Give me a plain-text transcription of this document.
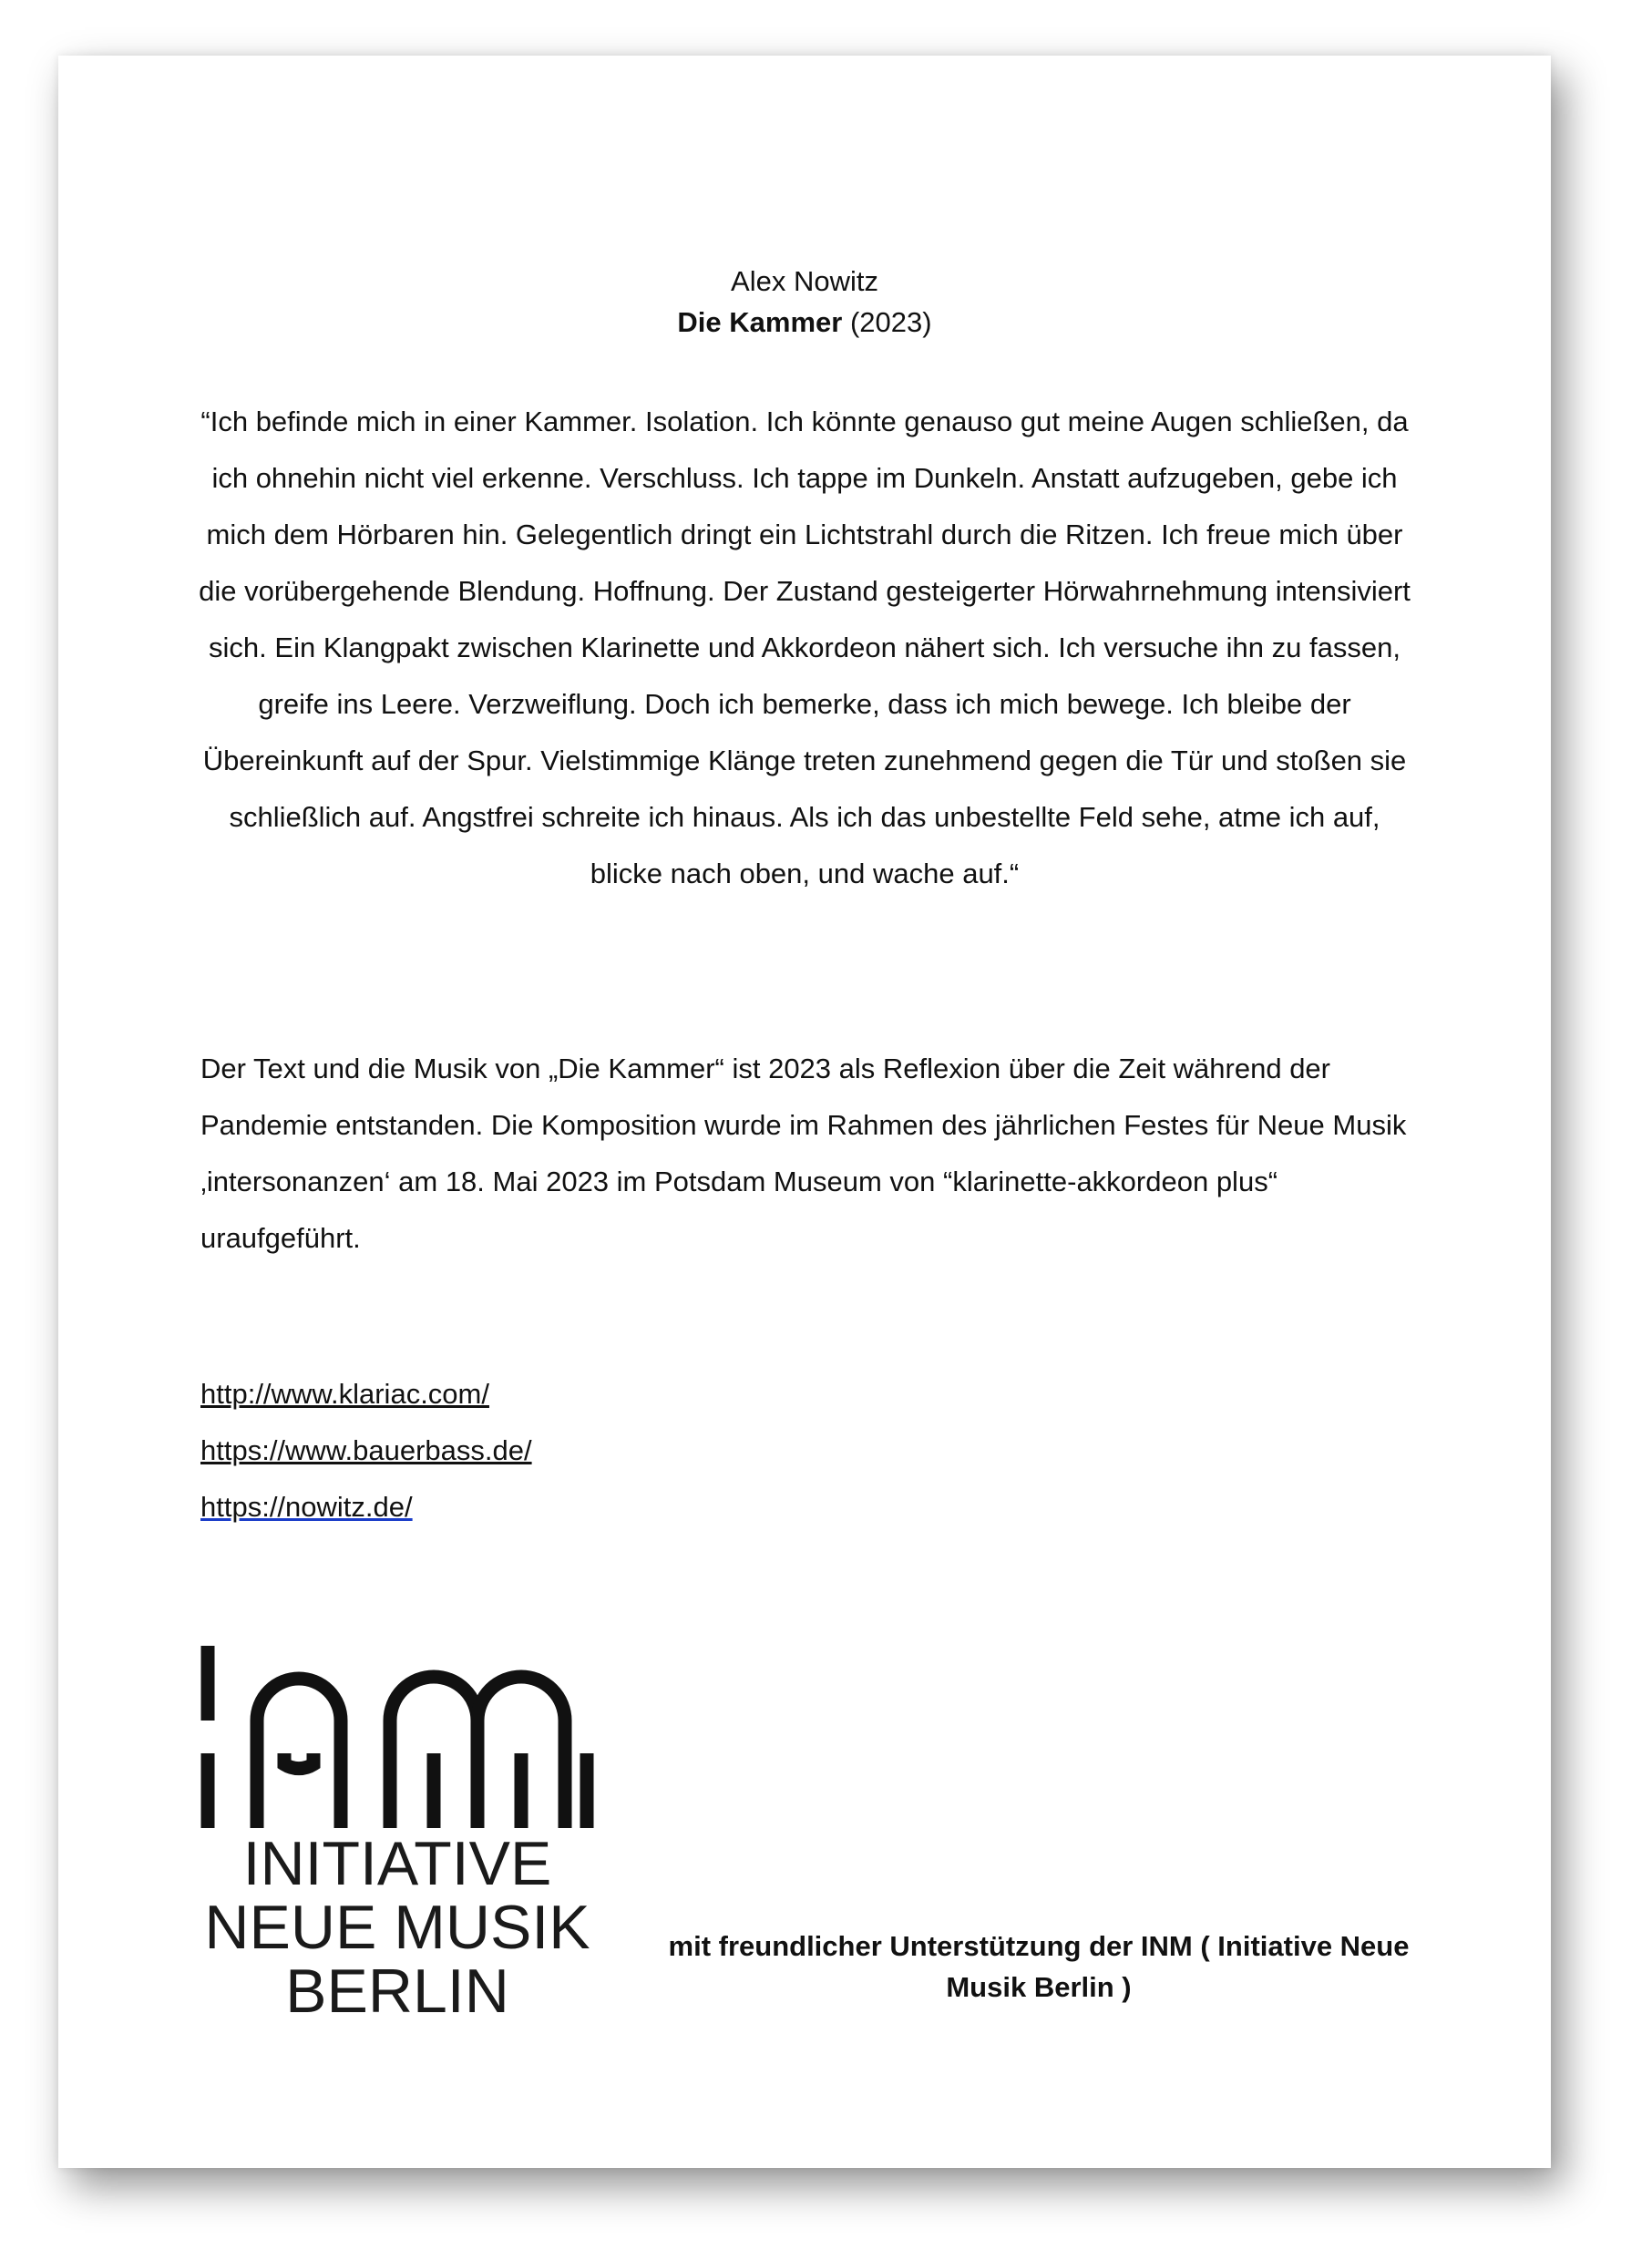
Alex Nowitz
Die Kammer (2023)
“Ich befinde mich in einer Kammer. Isolation. Ich könnte genauso gut meine Augen schließen, da ich ohnehin nicht viel erkenne. Verschluss. Ich tappe im Dunkeln. Anstatt aufzugeben, gebe ich mich dem Hörbaren hin. Gelegentlich dringt ein Lichtstrahl durch die Ritzen. Ich freue mich über die vorübergehende Blendung. Hoffnung. Der Zustand gesteigerter Hörwahrnehmung intensiviert sich. Ein Klangpakt zwischen Klarinette und Akkordeon nähert sich. Ich versuche ihn zu fassen, greife ins Leere. Verzweiflung. Doch ich bemerke, dass ich mich bewege. Ich bleibe der Übereinkunft auf der Spur. Vielstimmige Klänge treten zunehmend gegen die Tür und stoßen sie schließlich auf. Angstfrei schreite ich hinaus. Als ich das unbestellte Feld sehe, atme ich auf, blicke nach oben, und wache auf.“
Der Text und die Musik von „Die Kammer“ ist 2023 als Reflexion über die Zeit während der Pandemie entstanden. Die Komposition wurde im Rahmen des jährlichen Festes für Neue Musik ‚intersonanzen‘ am 18. Mai 2023 im Potsdam Museum von “klarinette-akkordeon plus“ uraufgeführt.
http://www.klariac.com/
https://www.bauerbass.de/
https://nowitz.de/
INITIATIVE
NEUE MUSIK
BERLIN
mit freundlicher Unterstützung der INM ( Initiative Neue
Musik Berlin )
